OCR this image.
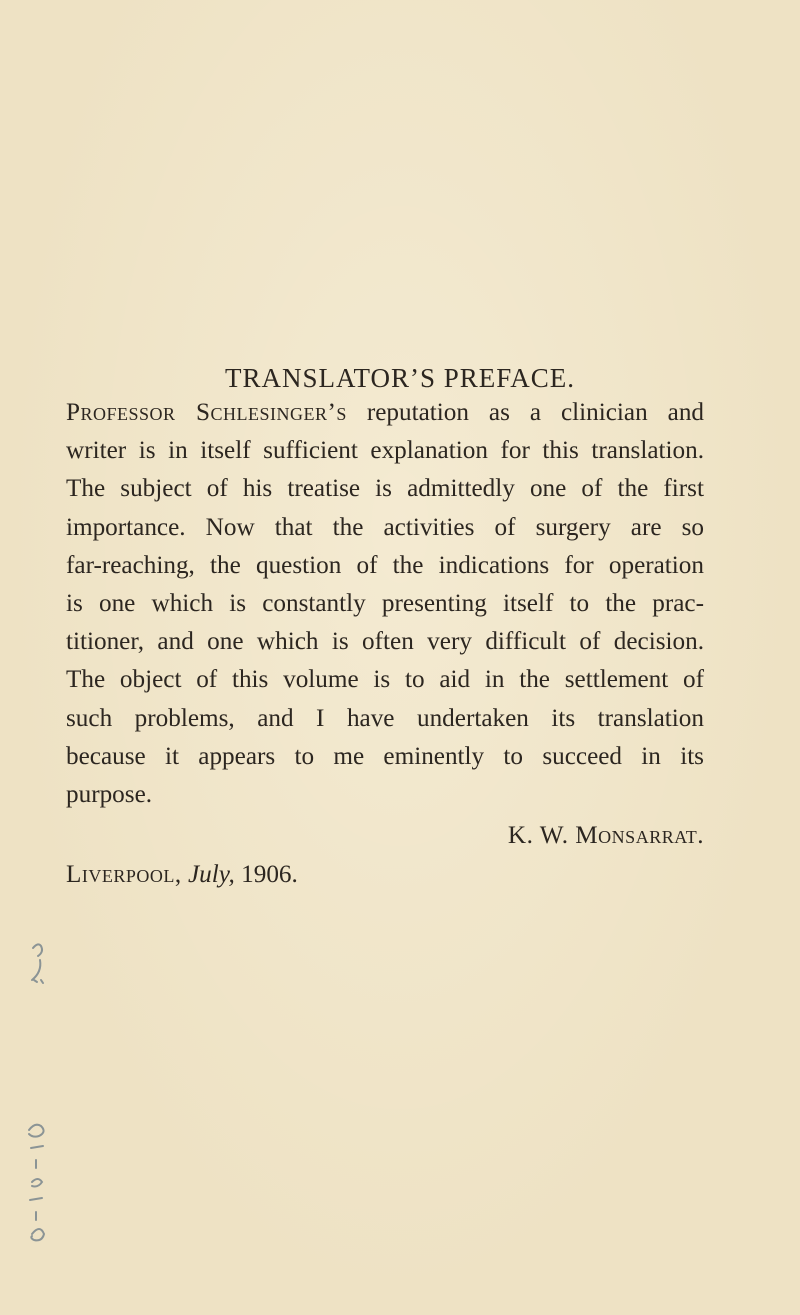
TRANSLATOR’S PREFACE.
Professor Schlesinger’s reputation as a clinician and
writer is in itself sufficient explanation for this translation.
The subject of his treatise is admittedly one of the first
importance. Now that the activities of surgery are so
far-reaching, the question of the indications for operation
is one which is constantly presenting itself to the prac-
titioner, and one which is often very difficult of decision.
The object of this volume is to aid in the settlement of
such problems, and I have undertaken its translation
because it appears to me eminently to succeed in its
purpose.
K. W. Monsarrat.
Liverpool, July, 1906.
